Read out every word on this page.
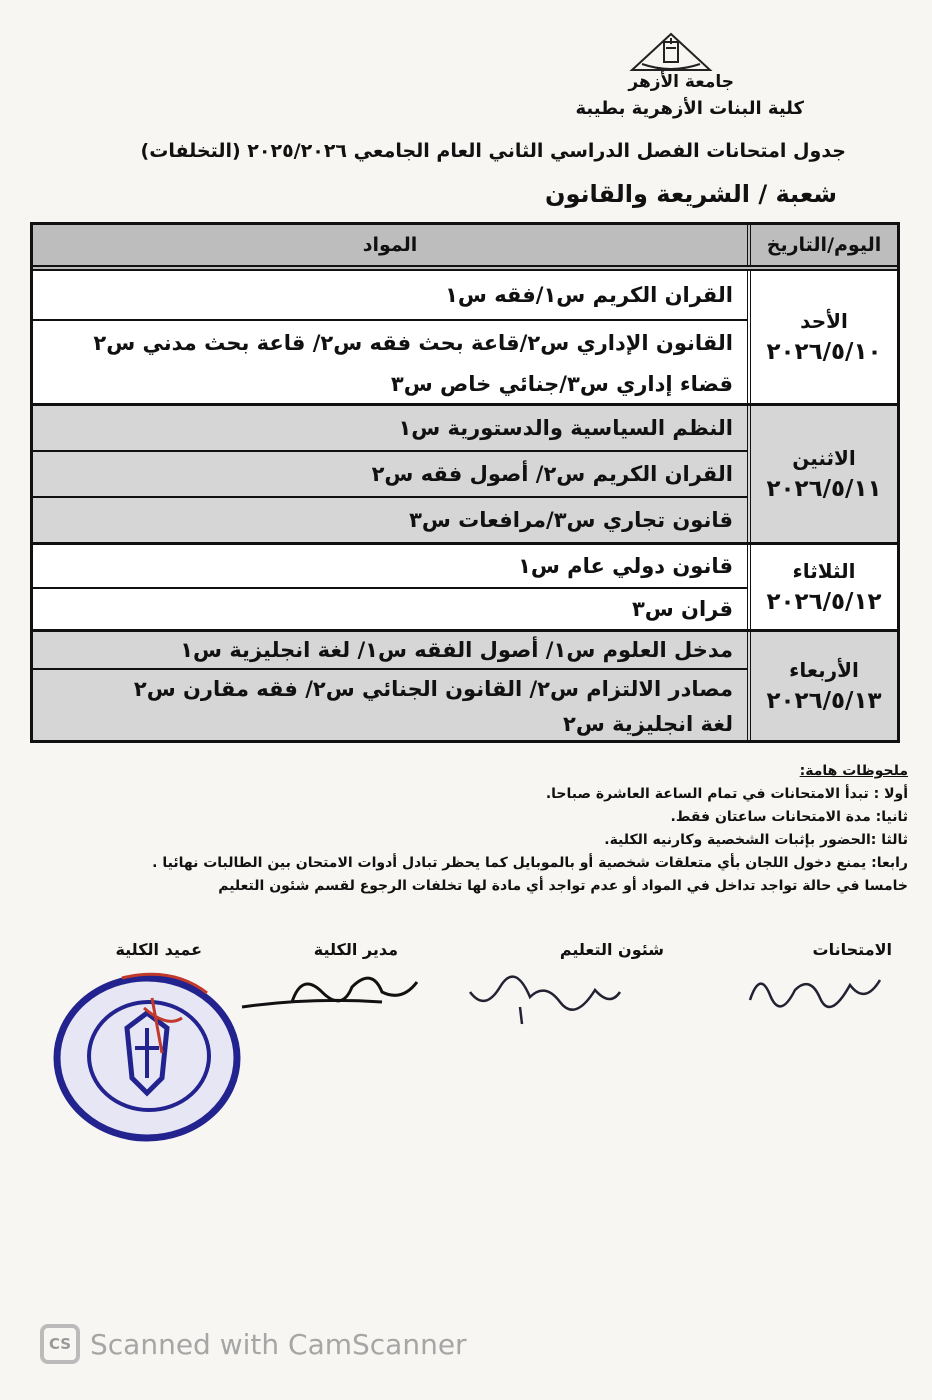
جامعة الأزهر
كلية البنات الأزهرية بطيبة
جدول امتحانات الفصل الدراسي الثاني العام الجامعي ٢٠٢٥/٢٠٢٦ (التخلفات)
شعبة / الشريعة والقانون
اليوم/التاريخ
المواد
الأحد
٢٠٢٦/٥/١٠
القران الكريم س١/فقه س١
القانون الإداري س٢/قاعة بحث فقه س٢/ قاعة بحث مدني س٢
قضاء إداري س٣/جنائي خاص س٣
الاثنين
٢٠٢٦/٥/١١
النظم السياسية والدستورية س١
القران الكريم س٢/ أصول فقه س٢
قانون تجاري س٣/مرافعات س٣
الثلاثاء
٢٠٢٦/٥/١٢
قانون دولي عام س١
قران س٣
الأربعاء
٢٠٢٦/٥/١٣
مدخل العلوم س١/ أصول الفقه س١/ لغة انجليزية س١
مصادر الالتزام س٢/ القانون الجنائي س٢/ فقه مقارن س٢
لغة انجليزية س٢
ملحوظات هامة:
أولا : تبدأ الامتحانات في تمام الساعة العاشرة صباحا.
ثانيا: مدة الامتحانات ساعتان فقط.
ثالثا :الحضور بإثبات الشخصية وكارنيه الكلية.
رابعا: يمنع دخول اللجان بأي متعلقات شخصية أو بالموبايل كما يحظر تبادل أدوات الامتحان بين الطالبات نهائيا .
خامسا في حالة تواجد تداخل في المواد أو عدم تواجد أي مادة لها تخلفات الرجوع لقسم شئون التعليم
الامتحانات
شئون التعليم
مدير الكلية
عميد الكلية
CS Scanned with CamScanner
